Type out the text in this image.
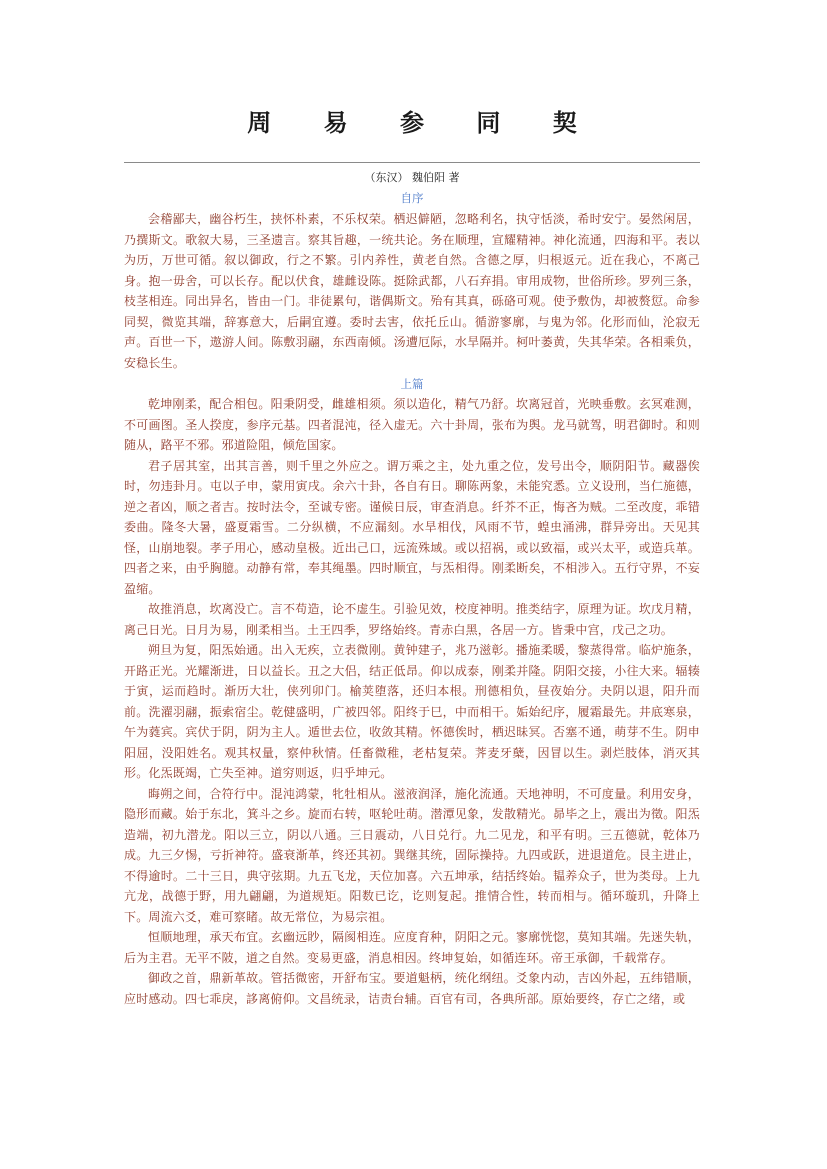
周 易 参 同 契
（东汉） 魏伯阳 著
自序

会稽鄙夫，幽谷朽生，挟怀朴素，不乐权荣。栖迟僻陋，忽略利名，执守恬淡，希时安宁。晏然闲居，乃撰斯文。歌叙大易，三圣遗言。察其旨趣，一统共论。务在顺理，宣耀精神。神化流通，四海和平。表以为历，万世可循。叙以御政，行之不繁。引内养性，黄老自然。含德之厚，归根返元。近在我心，不离己身。抱一毋舍，可以长存。配以伏食，雄雌设陈。挺除武都，八石弃捐。审用成物，世俗所珍。罗列三条，枝茎相连。同出异名，皆由一门。非徒累句，谐偶斯文。殆有其真，砾硌可观。使予敷伪，却被赘愆。命参同契，微览其端，辞寡意大，后嗣宜遵。委时去害，依托丘山。循游寥廓，与鬼为邻。化形而仙，沦寂无声。百世一下，遨游人间。陈敷羽翮，东西南倾。汤遭厄际，水旱隔并。柯叶萎黄，失其华荣。各相乘负，安稳长生。

上篇

乾坤刚柔，配合相包。阳秉阴受，雌雄相须。须以造化，精气乃舒。坎离冠首，光映垂敷。玄冥难测，不可画图。圣人揆度，参序元基。四者混沌，径入虚无。六十卦周，张布为舆。龙马就驾，明君御时。和则随从，路平不邪。邪道险阻，倾危国家。

君子居其室，出其言善，则千里之外应之。谓万乘之主，处九重之位，发号出令，顺阴阳节。藏器俟时，勿违卦月。屯以子申，蒙用寅戌。余六十卦，各自有日。聊陈两象，未能究悉。立义设刑，当仁施德，逆之者凶，顺之者吉。按时法令，至诚专密。谨候日辰，审查消息。纤芥不正，悔吝为贼。二至改度，乖错委曲。隆冬大暑，盛夏霜雪。二分纵横，不应漏刻。水旱相伐，风雨不节，蝗虫涌沸，群异旁出。天见其怪，山崩地裂。孝子用心，感动皇极。近出己口，远流殊域。或以招祸，或以致福，或兴太平，或造兵革。四者之来，由乎胸臆。动静有常，奉其绳墨。四时顺宜，与炁相得。刚柔断矣，不相涉入。五行守界，不妄盈缩。

故推消息，坎离没亡。言不苟造，论不虚生。引验见效，校度神明。推类结字，原理为证。坎戊月精，离己日光。日月为易，刚柔相当。土王四季，罗络始终。青赤白黑，各居一方。皆秉中宫，戊己之功。

朔旦为复，阳炁始通。出入无疾，立表微刚。黄钟建子，兆乃滋彰。播施柔暖，黎蒸得常。临炉施条，开路正光。光耀渐进，日以益长。丑之大侣，结正低昂。仰以成泰，刚柔并隆。阴阳交接，小往大来。辐辏于寅，运而趋时。渐历大壮，侠列卯门。榆荚堕落，还归本根。刑德相负，昼夜始分。夬阴以退，阳升而前。洗濯羽翮，振索宿尘。乾健盛明，广被四邻。阳终于巳，中而相干。姤始纪序，履霜最先。井底寒泉，午为蕤宾。宾伏于阴，阴为主人。遁世去位，收敛其精。怀德俟时，栖迟昧冥。否塞不通，萌芽不生。阴申阳屈，没阳姓名。观其权量，察仲秋情。任畜微稚，老枯复荣。荠麦牙蘖，因冒以生。剥烂肢体，消灭其形。化炁既竭，亡失至神。道穷则返，归乎坤元。

晦朔之间，合符行中。混沌鸿蒙，牝牡相从。滋液润泽，施化流通。天地神明，不可度量。利用安身，隐形而藏。始于东北，箕斗之乡。旋而右转，呕轮吐萌。潜潭见象，发散精光。昴毕之上，震出为徵。阳炁造端，初九潜龙。阳以三立，阴以八通。三日震动，八日兑行。九二见龙，和平有明。三五德就，乾体乃成。九三夕惕，亏折神符。盛衰渐革，终还其初。巽继其统，固际操持。九四或跃，进退道危。艮主进止，不得逾时。二十三日，典守弦期。九五飞龙，天位加喜。六五坤承，结括终始。韫养众子，世为类母。上九亢龙，战德于野，用九翩翩，为道规矩。阳数已讫，讫则复起。推情合性，转而相与。循环璇玑，升降上下。周流六爻，难可察睹。故无常位，为易宗祖。

恒顺地理，承天布宜。玄幽远眇，隔阂相连。应度育种，阴阳之元。寥廓恍惚，莫知其端。先迷失轨，后为主君。无平不陂，道之自然。变易更盛，消息相因。终坤复始，如循连环。帝王承御，千载常存。

御政之首，鼎新革故。管括微密，开舒布宝。要道魁柄，统化纲纽。爻象内动，吉凶外起，五纬错顺，应时感动。四七乖戾，誃离俯仰。文昌统录，诘责台辅。百官有司，各典所部。原始要终，存亡之绪，或
